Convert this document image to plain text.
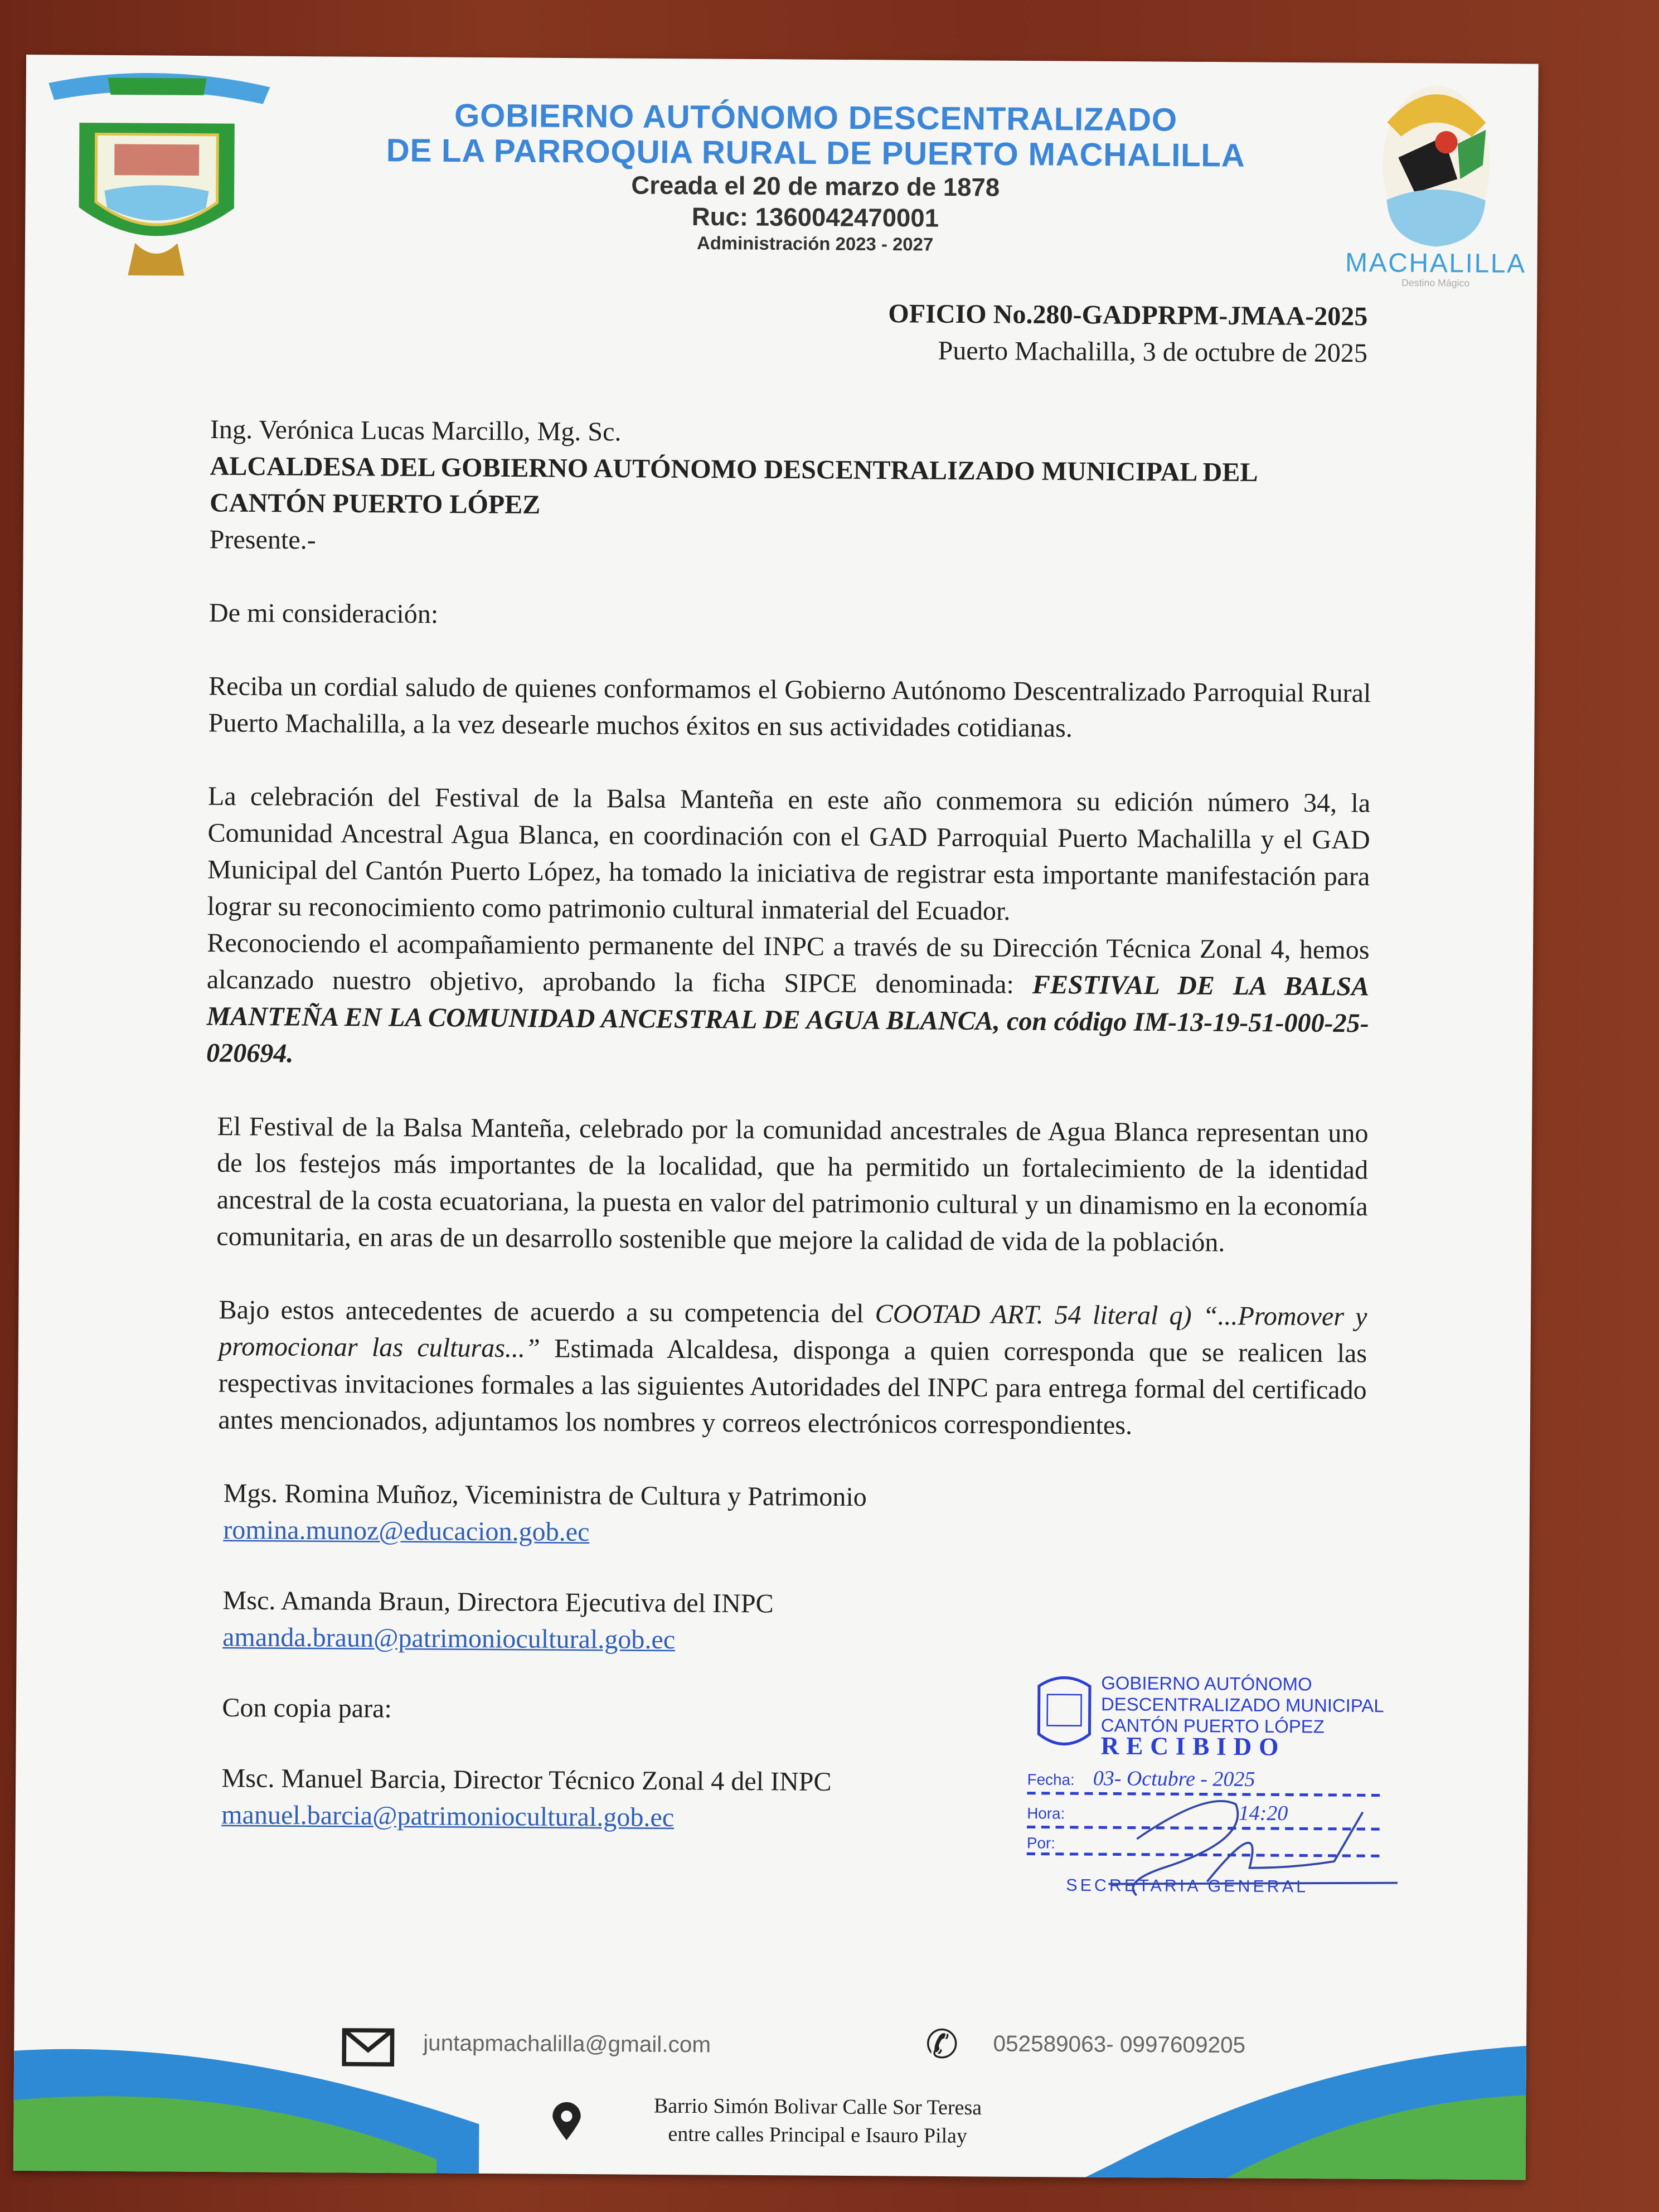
MACHALILLA
Destino Mágico
GOBIERNO AUTÓNOMO DESCENTRALIZADO
DE LA PARROQUIA RURAL DE PUERTO MACHALILLA
Creada el 20 de marzo de 1878
Ruc: 1360042470001
Administración 2023 - 2027
OFICIO No.280-GADPRPM-JMAA-2025
Puerto Machalilla, 3 de octubre de 2025

Ing. Verónica Lucas Marcillo, Mg. Sc.

ALCALDESA DEL GOBIERNO AUTÓNOMO DESCENTRALIZADO MUNICIPAL DEL CANTÓN PUERTO LÓPEZ

Presente.-

De mi consideración:

Reciba un cordial saludo de quienes conformamos el Gobierno Autónomo Descentralizado Parroquial Rural Puerto Machalilla, a la vez desearle muchos éxitos en sus actividades cotidianas.

La celebración del Festival de la Balsa Manteña en este año conmemora su edición número 34, la Comunidad Ancestral Agua Blanca, en coordinación con el GAD Parroquial Puerto Machalilla y el GAD Municipal del Cantón Puerto López, ha tomado la iniciativa de registrar esta importante manifestación para lograr su reconocimiento como patrimonio cultural inmaterial del Ecuador.

Reconociendo el acompañamiento permanente del INPC a través de su Dirección Técnica Zonal 4, hemos alcanzado nuestro objetivo, aprobando la ficha SIPCE denominada: FESTIVAL DE LA BALSA MANTEÑA EN LA COMUNIDAD ANCESTRAL DE AGUA BLANCA, con código IM-13-19-51-000-25-020694.

El Festival de la Balsa Manteña, celebrado por la comunidad ancestrales de Agua Blanca representan uno de los festejos más importantes de la localidad, que ha permitido un fortalecimiento de la identidad ancestral de la costa ecuatoriana, la puesta en valor del patrimonio cultural y un dinamismo en la economía comunitaria, en aras de un desarrollo sostenible que mejore la calidad de vida de la población.

Bajo estos antecedentes de acuerdo a su competencia del COOTAD ART. 54 literal q) “...Promover y promocionar las culturas...” Estimada Alcaldesa, disponga a quien corresponda que se realicen las respectivas invitaciones formales a las siguientes Autoridades del INPC para entrega formal del certificado antes mencionados, adjuntamos los nombres y correos electrónicos correspondientes.

Mgs. Romina Muñoz, Viceministra de Cultura y Patrimonio

romina.munoz@educacion.gob.ec

Msc. Amanda Braun, Directora Ejecutiva del INPC

amanda.braun@patrimoniocultural.gob.ec

Con copia para:

Msc. Manuel Barcia, Director Técnico Zonal 4 del INPC

manuel.barcia@patrimoniocultural.gob.ec

GOBIERNO AUTÓNOMO
DESCENTRALIZADO MUNICIPAL
CANTÓN PUERTO LÓPEZ
RECIBIDO
Fecha: 03- Octubre - 2025
Hora:	14:20
Por:
SECRETARIA GENERAL
juntapmachalilla@gmail.com	✆	052589063- 0997609205
Barrio Simón Bolivar Calle Sor Teresa
entre calles Principal e Isauro Pilay
